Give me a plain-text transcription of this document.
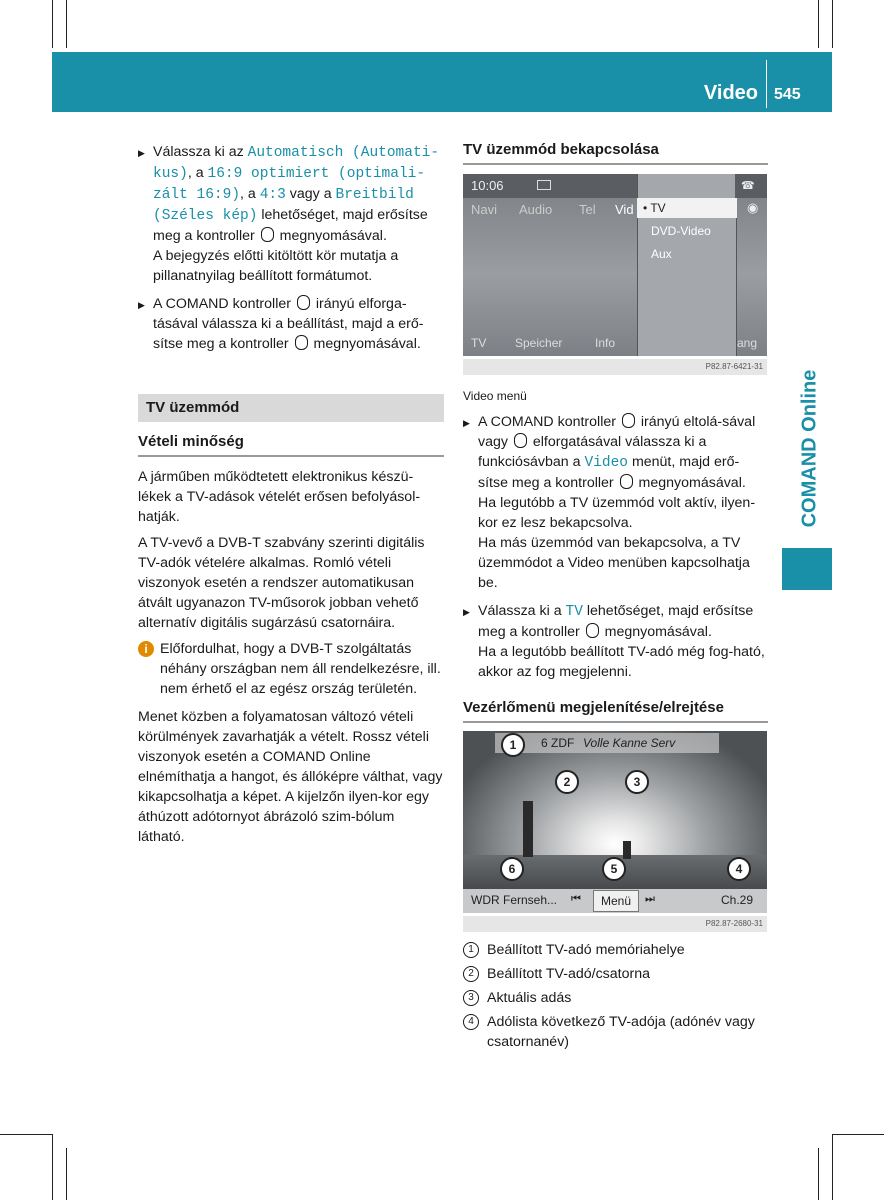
Video 545
COMAND Online
▶ Válassza ki az Automatisch (Automati-kus), a 16:9 optimiert (optimali-zált 16:9), a 4:3 vagy a Breitbild (Széles kép) lehetőséget, majd erősítse meg a kontroller megnyomásával.
A bejegyzés előtti kitöltött kör mutatja a pillanatnyilag beállított formátumot.
▶ A COMAND kontroller irányú elforga-tásával válassza ki a beállítást, majd a erő-sítse meg a kontroller megnyomásával.
TV üzemmód
Vételi minőség

A járműben működtetett elektronikus készü-lékek a TV-adások vételét erősen befolyásol-hatják.

A TV-vevő a DVB-T szabvány szerinti digitális TV-adók vételére alkalmas. Romló vételi viszonyok esetén a rendszer automatikusan átvált ugyanazon TV-műsorok jobban vehető alternatív digitális sugárzású csatornáira.

i Előfordulhat, hogy a DVB-T szolgáltatás néhány országban nem áll rendelkezésre, ill. nem érhető el az egész ország területén.

Menet közben a folyamatosan változó vételi körülmények zavarhatják a vételt. Rossz vételi viszonyok esetén a COMAND Online elnémíthatja a hangot, és állóképre válthat, vagy kikapcsolhatja a képet. A kijelzőn ilyen-kor egy áthúzott adótornyot ábrázoló szim-bólum látható.

TV üzemmód bekapcsolása
10:06
Navi Audio Tel Vid • TV
DVD-Video
Aux
☎
◉
TV Speicher	Info	ang
P82.87-6421-31

Video menü

▶ A COMAND kontroller irányú eltolá-sával vagy elforgatásával válassza ki a funkciósávban a Video menüt, majd erő-sítse meg a kontroller megnyomásával.
Ha legutóbb a TV üzemmód volt aktív, ilyen-kor ez lesz bekapcsolva.
Ha más üzemmód van bekapcsolva, a TV üzemmódot a Video menüben kapcsolhatja be.
▶ Válassza ki a TV lehetőséget, majd erősítse meg a kontroller megnyomásával.
Ha a legutóbb beállított TV-adó még fog-ható, akkor az fog megjelenni.
Vezérlőmenü megjelenítése/elrejtése
6 ZDF Volle Kanne Serv
WDR Fernseh... ⏮	Menü	⏭	Ch.29
1
2	3
4
5
6
P82.87-2680-31
1 Beállított TV-adó memóriahelye
2 Beállított TV-adó/csatorna
3 Aktuális adás
4 Adólista következő TV-adója (adónév vagy csatornanév)
